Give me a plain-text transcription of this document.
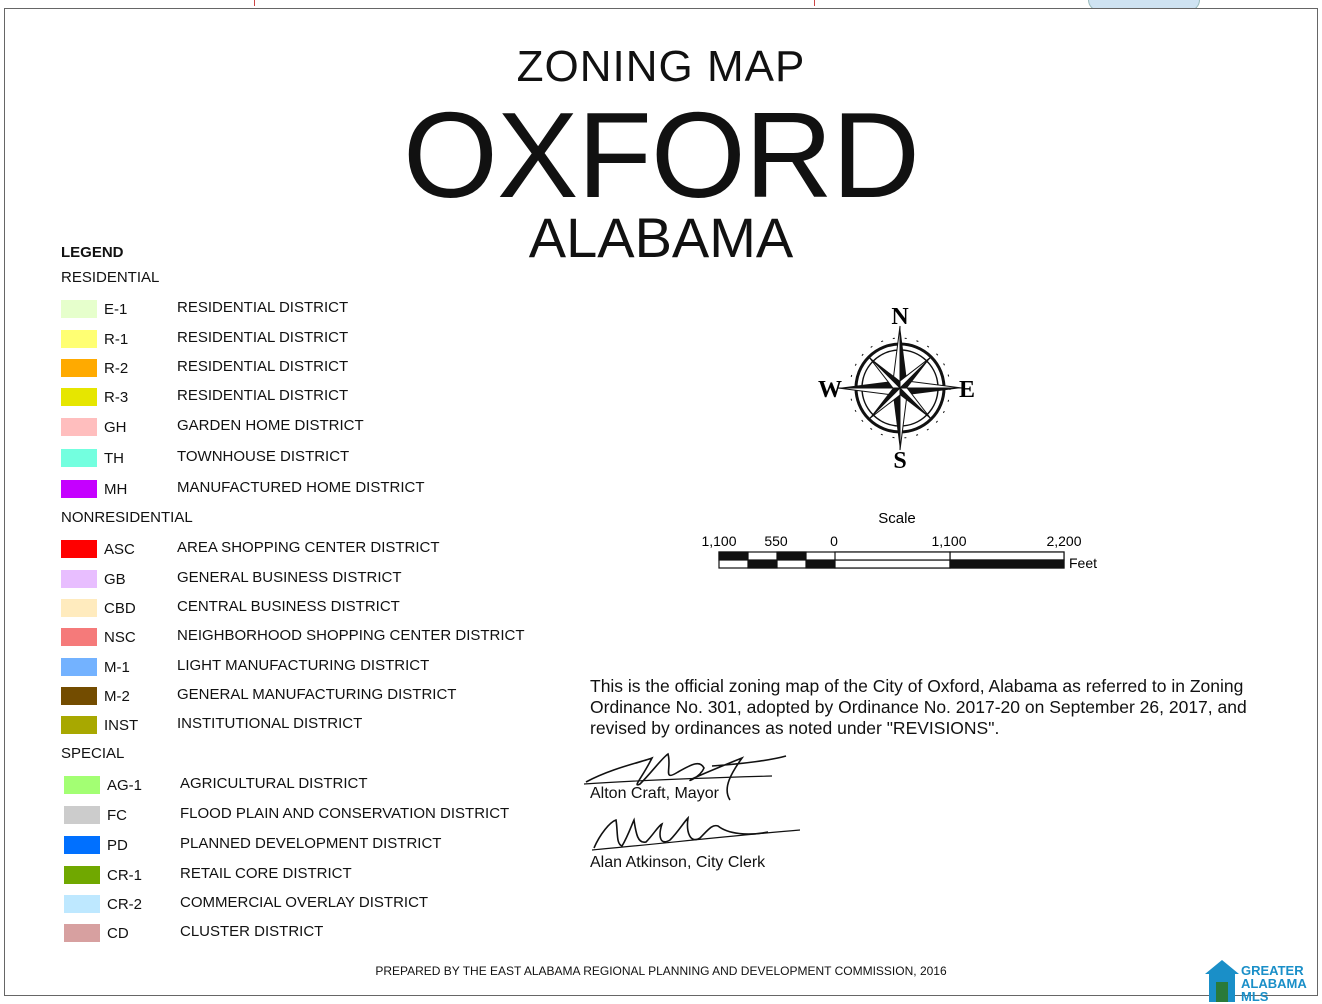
ZONING MAP
OXFORD
ALABAMA
LEGEND
RESIDENTIAL
NONRESIDENTIAL
SPECIAL
E-1	RESIDENTIAL DISTRICT
R-1	RESIDENTIAL DISTRICT
R-2	RESIDENTIAL DISTRICT
R-3	RESIDENTIAL DISTRICT
GH	GARDEN HOME DISTRICT
TH	TOWNHOUSE DISTRICT
MH	MANUFACTURED HOME DISTRICT
ASC	AREA SHOPPING CENTER DISTRICT
GB	GENERAL BUSINESS DISTRICT
CBD	CENTRAL BUSINESS DISTRICT
NSC	NEIGHBORHOOD SHOPPING CENTER DISTRICT
M-1	LIGHT MANUFACTURING DISTRICT
M-2	GENERAL MANUFACTURING DISTRICT
INST	INSTITUTIONAL DISTRICT
AG-1	AGRICULTURAL DISTRICT
FC	FLOOD PLAIN AND CONSERVATION DISTRICT
PD	PLANNED DEVELOPMENT DISTRICT
CR-1	RETAIL CORE DISTRICT
CR-2	COMMERCIAL OVERLAY DISTRICT
CD	CLUSTER DISTRICT
N
S
E
W
Scale
1,100 550	0	1,100	2,200
Feet
This is the official zoning map of the City of Oxford, Alabama as referred to in Zoning Ordinance No. 301, adopted by Ordinance No. 2017-20 on September 26, 2017, and revised by ordinances as noted under "REVISIONS".
Alton Craft, Mayor
Alan Atkinson, City Clerk
PREPARED BY THE EAST ALABAMA REGIONAL PLANNING AND DEVELOPMENT COMMISSION, 2016	GREATER
ALABAMA
MLS
